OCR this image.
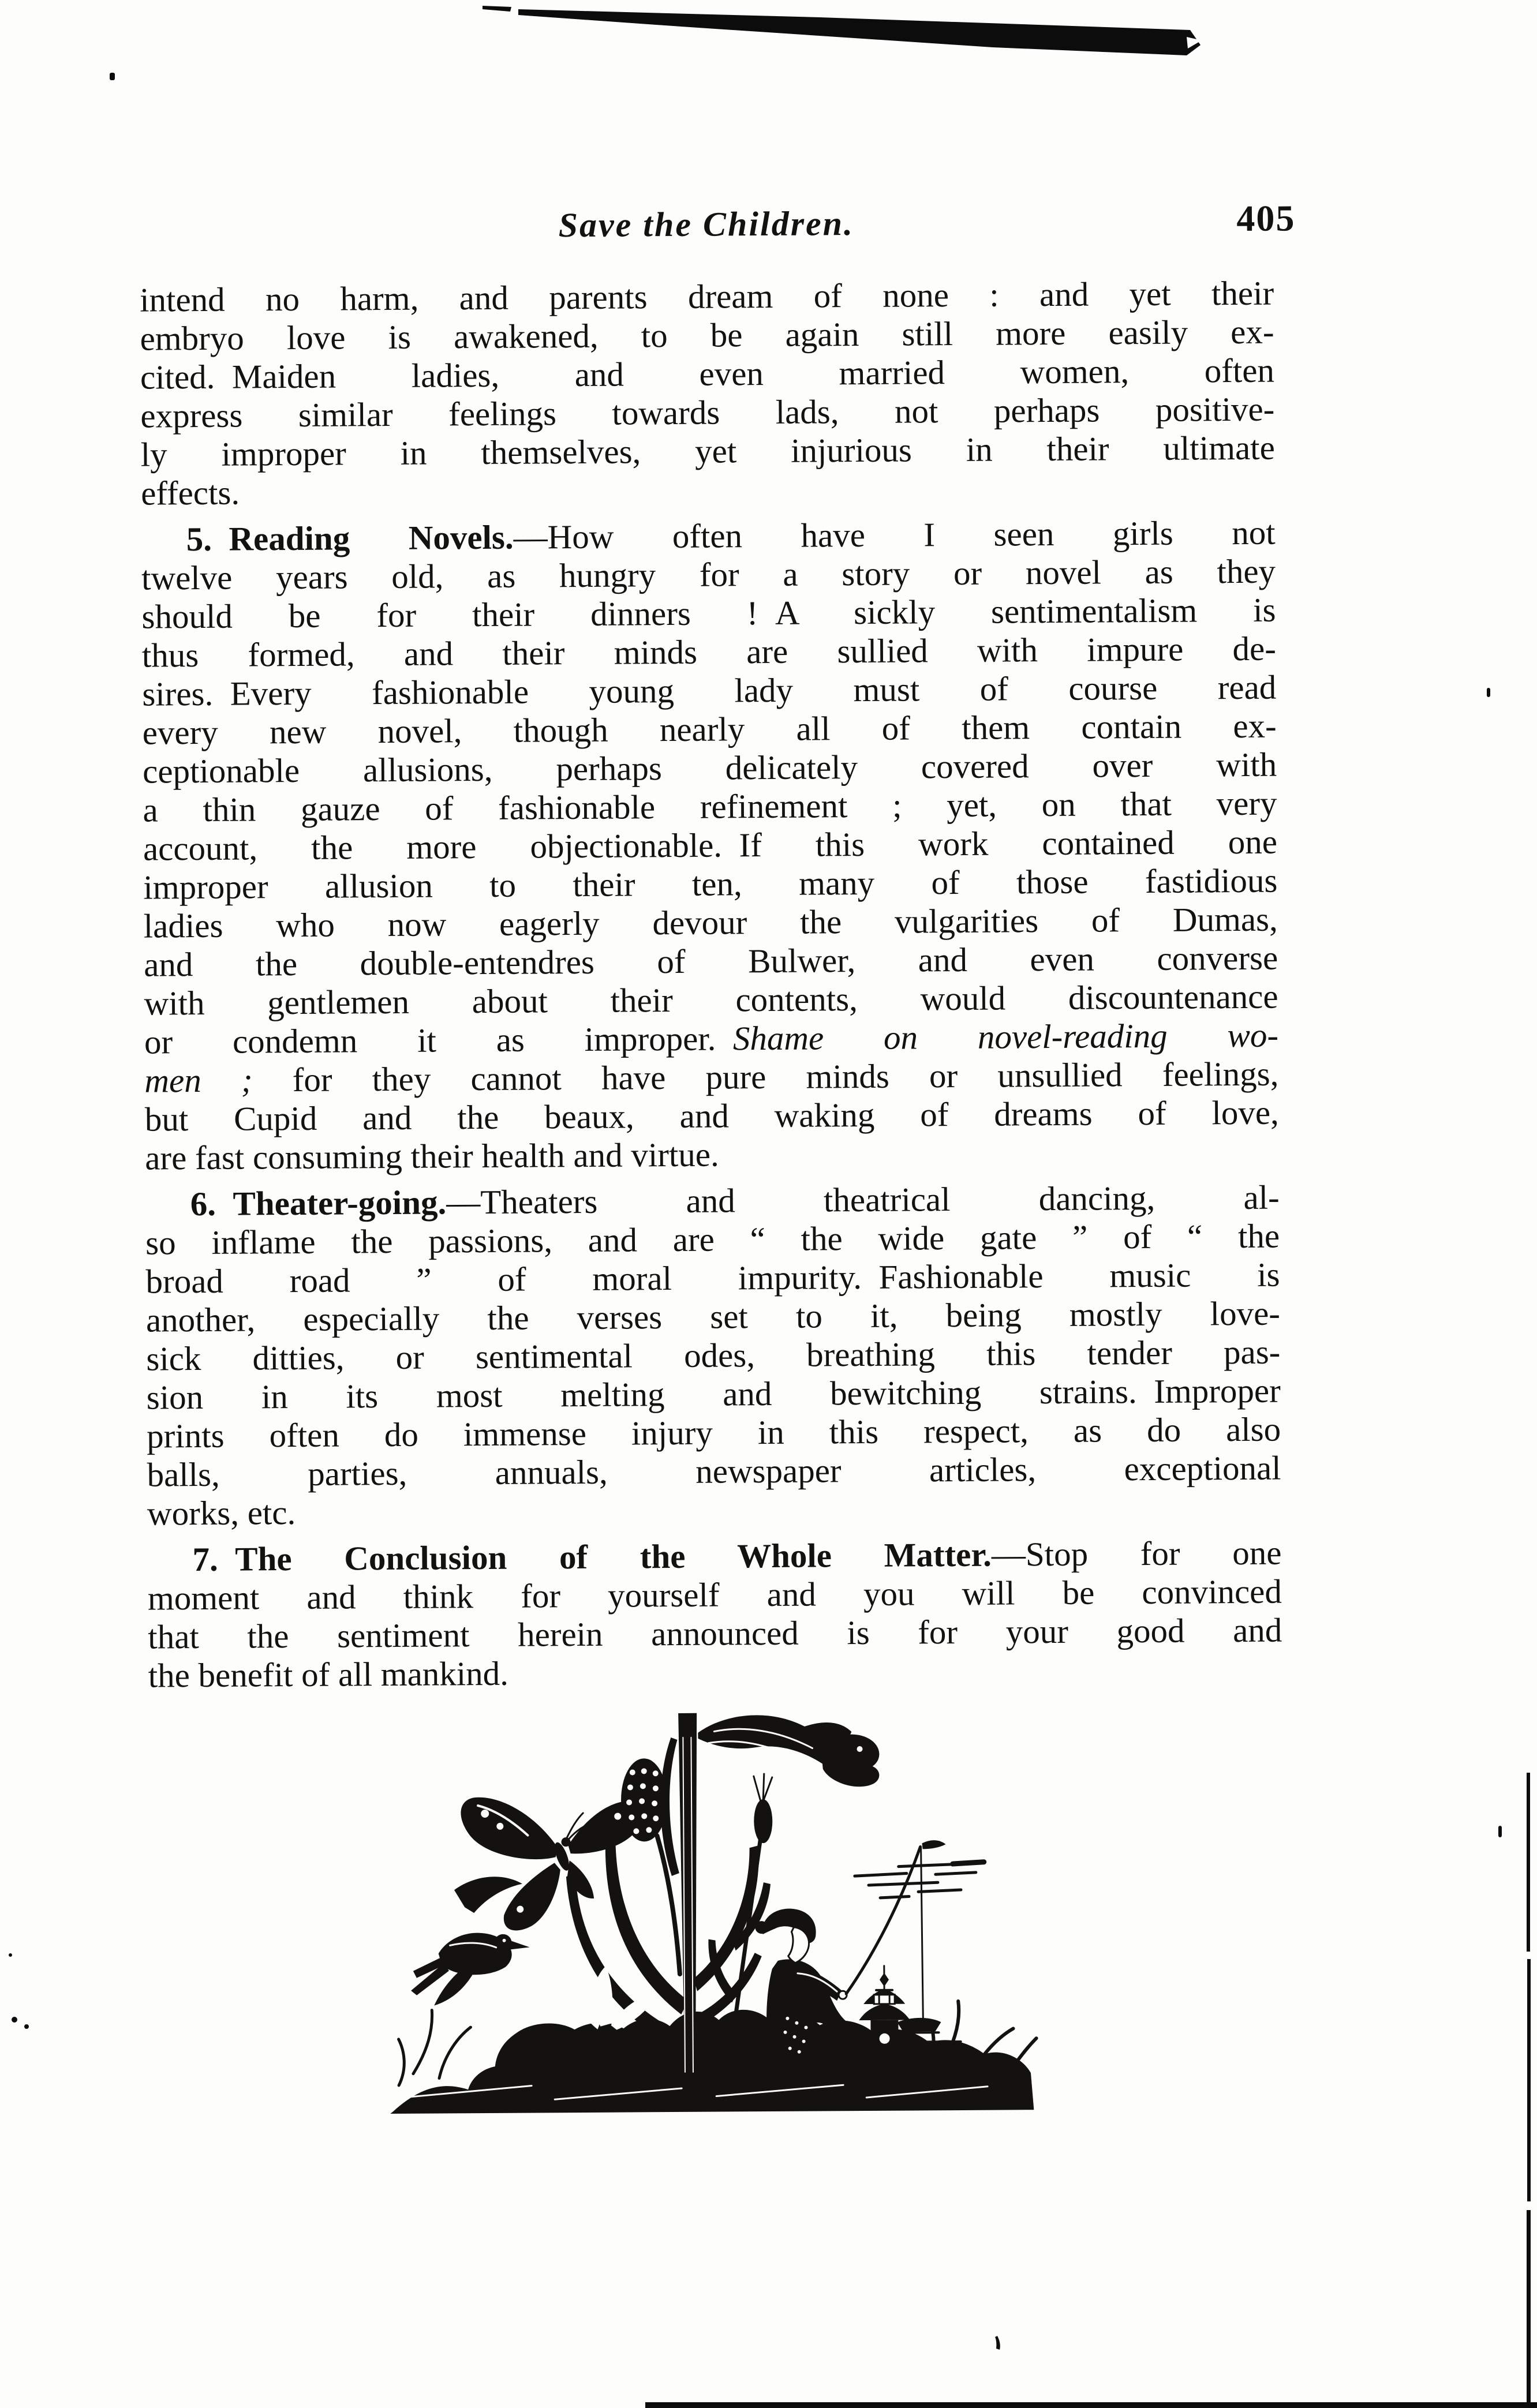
Save the Children.	405
intend no harm, and parents dream of none : and yet their
embryo love is awakened, to be again still more easily ex-
cited. Maiden ladies, and even married women, often
express similar feelings towards lads, not perhaps positive-
ly improper in themselves, yet injurious in their ultimate
effects.
5. Reading Novels.—How often have I seen girls not
twelve years old, as hungry for a story or novel as they
should be for their dinners ! A sickly sentimentalism is
thus formed, and their minds are sullied with impure de-
sires. Every fashionable young lady must of course read
every new novel, though nearly all of them contain ex-
ceptionable allusions, perhaps delicately covered over with
a thin gauze of fashionable refinement ; yet, on that very
account, the more objectionable. If this work contained one
improper allusion to their ten, many of those fastidious
ladies who now eagerly devour the vulgarities of Dumas,
and the double-entendres of Bulwer, and even converse
with gentlemen about their contents, would discountenance
or condemn it as improper. Shame on novel-reading wo-
men ; for they cannot have pure minds or unsullied feelings,
but Cupid and the beaux, and waking of dreams of love,
are fast consuming their health and virtue.
6. Theater-going.—Theaters and theatrical dancing, al-
so inflame the passions, and are “ the wide gate ” of “ the
broad road ” of moral impurity. Fashionable music is
another, especially the verses set to it, being mostly love-
sick ditties, or sentimental odes, breathing this tender pas-
sion in its most melting and bewitching strains. Improper
prints often do immense injury in this respect, as do also
balls, parties, annuals, newspaper articles, exceptional
works, etc.
7. The Conclusion of the Whole Matter.—Stop for one
moment and think for yourself and you will be convinced
that the sentiment herein announced is for your good and
the benefit of all mankind.
